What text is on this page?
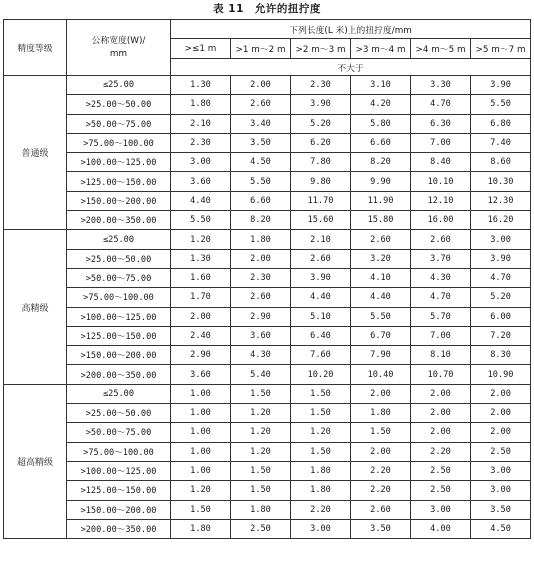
表 11　允许的扭拧度
精度等级	公称宽度(W)/
mm	下列长度(L 米)上的扭拧度/mm					
		>≤1 m	>1 m～2 m	>2 m～3 m	>3 m～4 m	>4 m～5 m	>5 m～7 m
		不大于					
普通级	≤25.00	1.30	2.00	2.30	3.10	3.30	3.90
	>25.00～50.00	1.80	2.60	3.90	4.20	4.70	5.50
	>50.00～75.00	2.10	3.40	5.20	5.80	6.30	6.80
	>75.00～100.00	2.30	3.50	6.20	6.60	7.00	7.40
	>100.00～125.00	3.00	4.50	7.80	8.20	8.40	8.60
	>125.00～150.00	3.60	5.50	9.80	9.90	10.10	10.30
	>150.00～200.00	4.40	6.60	11.70	11.90	12.10	12.30
	>200.00～350.00	5.50	8.20	15.60	15.80	16.00	16.20
高精级	≤25.00	1.20	1.80	2.10	2.60	2.60	3.00
	>25.00～50.00	1.30	2.00	2.60	3.20	3.70	3.90
	>50.00～75.00	1.60	2.30	3.90	4.10	4.30	4.70
	>75.00～100.00	1.70	2.60	4.40	4.40	4.70	5.20
	>100.00～125.00	2.00	2.90	5.10	5.50	5.70	6.00
	>125.00～150.00	2.40	3.60	6.40	6.70	7.00	7.20
	>150.00～200.00	2.90	4.30	7.60	7.90	8.10	8.30
	>200.00～350.00	3.60	5.40	10.20	10.40	10.70	10.90
超高精级	≤25.00	1.00	1.50	1.50	2.00	2.00	2.00
	>25.00～50.00	1.00	1.20	1.50	1.80	2.00	2.00
	>50.00～75.00	1.00	1.20	1.20	1.50	2.00	2.00
	>75.00～100.00	1.00	1.20	1.50	2.00	2.20	2.50
	>100.00～125.00	1.00	1.50	1.80	2.20	2.50	3.00
	>125.00～150.00	1.20	1.50	1.80	2.20	2.50	3.00
	>150.00～200.00	1.50	1.80	2.20	2.60	3.00	3.50
	>200.00～350.00	1.80	2.50	3.00	3.50	4.00	4.50
